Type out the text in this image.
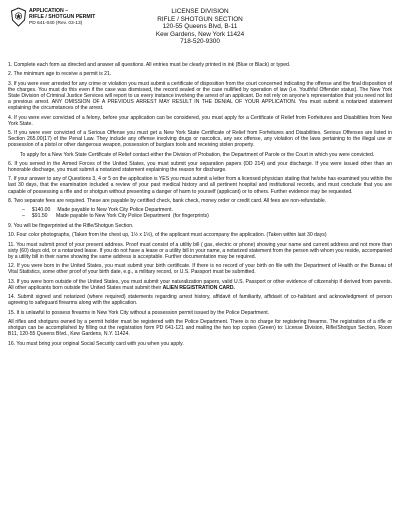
APPLICATION –
RIFLE / SHOTGUN PERMIT
PD 641-040 (Rev. 03-13)
LICENSE DIVISION
RIFLE / SHOTGUN SECTION
120-55 Queens Blvd, B-11
Kew Gardens, New York 11424
718-520-9300

1. Complete each form as directed and answer all questions. All entries must be clearly printed in ink (Blue or Black) or typed.

2. The minimum age to receive a permit is 21.

3. If you were ever arrested for any crime or violation you must submit a certificate of disposition from the court concerned indicating the offense and the final disposition of the charges. You must do this even if the case was dismissed, the record sealed or the case nullified by operation of law (i.e. Youthful Offender status). The New York State Division of Criminal Justice Services will report to us every instance involving the arrest of an applicant. Do not rely on anyone's representation that you need not list a previous arrest. ANY OMISSION OF A PREVIOUS ARREST MAY RESULT IN THE DENIAL OF YOUR APPLICATION. You must submit a notarized statement explaining the circumstances of the arrest.

4. If you were ever convicted of a felony, before your application can be considered, you must apply for a Certificate of Relief from Forfeitures and Disabilities from New York State.

5. If you were ever convicted of a Serious Offense you must get a New York State Certificate of Relief from Forfeitures and Disabilities. Serious Offenses are listed in Section 265.00(17) of the Penal Law. They include any offense involving drugs or narcotics, any sex offense, any violation of the laws pertaining to the illegal use or possession of a pistol or other dangerous weapon, possession of burglars tools and receiving stolen property.

To apply for a New York State Certificate of Relief contact either the Division of Probation, the Department of Parole or the Court in which you were convicted.

6. If you served in the Armed Forces of the United States, you must submit your separation papers (DD 214) and your discharge. If you were issued other than an honorable discharge, you must submit a notarized statement explaining the reason for discharge.

7. If your answer to any of Questions 3, 4 or 5 on the application is YES you must submit a letter from a licensed physician stating that he/she has examined you within the last 30 days, that the examination included a review of your past medical history and all pertinent hospital and institutional records, and must conclude that you are capable of possessing a rifle and or shotgun without presenting a danger of harm to yourself (applicant) or to others. Further evidence may be requested.

8. Two separate fees are required. These are payable by certified check, bank check, money order or credit card. All fees are non-refundable.

–     $140.00     Made payable to New York City Police Department.

–     $91.50      Made payable to New York City Police Department  (for fingerprints)

9. You will be fingerprinted at the Rifle/Shotgun Section.

10. Four color photographs, (Taken from the chest up, 1½ x 1½), of the applicant must accompany the application. (Taken within last 30 days)

11. You must submit proof of your present address. Proof must consist of a utility bill ( gas, electric or phone) showing your name and current address and not more than sixty (60) days old, or a notarized lease. If you do not have a lease or a utility bill in your name, a notarized statement from the person with whom you reside, accompanied by a utility bill in their name showing the same address is acceptable. Further documentation may be required.

12. If you were born in the United States, you must submit your birth certificate. If there is no record of your birth on file with the Department of Health or the Bureau of Vital Statistics, some other proof of your birth date, e.g., a military record, or U.S. Passport must be submitted.

13. If you were born outside of the United States, you must submit your naturalization papers, valid U.S. Passport or other evidence of citizenship if derived from parents. All other applicants born outside the United States must submit their ALIEN REGISTRATION CARD.

14. Submit signed and notarized (where required) statements regarding arrest history, affidavit of familiarity, affidavit of co-habitant and acknowledgment of person agreeing to safeguard firearms along with the application.

15. It is unlawful to possess firearms in New York City without a possession permit issued by the Police Department.

All rifles and shotguns owned by a permit holder must be registered with the Police Department. There is no charge for registering firearms. The registration of a rifle or shotgun can be accomplished by filling out the registration form PD 641-121 and mailing the two top copies (Green) to: License Division, Rifle/Shotgun Section, Room B11, 120-55 Queens Blvd., Kew Gardens, N.Y. 11424.

16. You must bring your original Social Security card with you when you apply.
